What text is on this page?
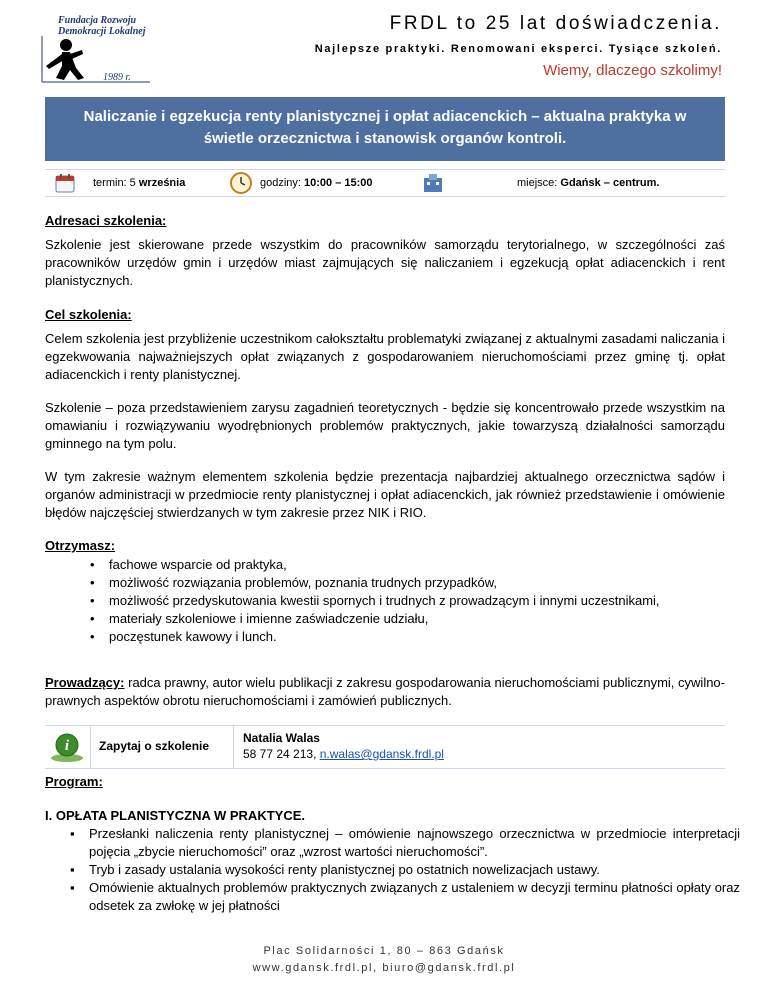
Fundacja Rozwoju
Demokracji Lokalnej
1989 r.
FRDL to 25 lat doświadczenia.
Najlepsze praktyki. Renomowani eksperci. Tysiące szkoleń.
Wiemy, dlaczego szkolimy!
Naliczanie i egzekucja renty planistycznej i opłat adiacenckich – aktualna praktyka w
świetle orzecznictwa i stanowisk organów kontroli.
termin: 5 września	godziny: 10:00 – 15:00	miejsce: Gdańsk – centrum.
Adresaci szkolenia:

Szkolenie jest skierowane przede wszystkim do pracowników samorządu terytorialnego, w szczególności zaś pracowników urzędów gmin i urzędów miast zajmujących się naliczaniem i egzekucją opłat adiacenckich i rent planistycznych.

Cel szkolenia:

Celem szkolenia jest przybliżenie uczestnikom całokształtu problematyki związanej z aktualnymi zasadami naliczania i egzekwowania najważniejszych opłat związanych z gospodarowaniem nieruchomościami przez gminę tj. opłat adiacenckich i renty planistycznej.

Szkolenie – poza przedstawieniem zarysu zagadnień teoretycznych - będzie się koncentrowało przede wszystkim na omawianiu i rozwiązywaniu wyodrębnionych problemów praktycznych, jakie towarzyszą działalności samorządu gminnego na tym polu.

W tym zakresie ważnym elementem szkolenia będzie prezentacja najbardziej aktualnego orzecznictwa sądów i organów administracji w przedmiocie renty planistycznej i opłat adiacenckich, jak również przedstawienie i omówienie błędów najczęściej stwierdzanych w tym zakresie przez NIK i RIO.

Otrzymasz:
• fachowe wsparcie od praktyka,
• możliwość rozwiązania problemów, poznania trudnych przypadków,
• możliwość przedyskutowania kwestii spornych i trudnych z prowadzącym i innymi uczestnikami,
• materiały szkoleniowe i imienne zaświadczenie udziału,
• poczęstunek kawowy i lunch.

Prowadzący: radca prawny, autor wielu publikacji z zakresu gospodarowania nieruchomościami publicznymi, cywilno-prawnych aspektów obrotu nieruchomościami i zamówień publicznych.

i Zapytaj o szkolenie
Natalia Walas
58 77 24 213, n.walas@gdansk.frdl.pl
Program:
I. OPŁATA PLANISTYCZNA W PRAKTYCE.
▪ Przesłanki naliczenia renty planistycznej – omówienie najnowszego orzecznictwa w przedmiocie interpretacji pojęcia „zbycie nieruchomości” oraz „wzrost wartości nieruchomości”.
▪ Tryb i zasady ustalania wysokości renty planistycznej po ostatnich nowelizacjach ustawy.
▪ Omówienie aktualnych problemów praktycznych związanych z ustaleniem w decyzji terminu płatności opłaty oraz odsetek za zwłokę w jej płatności
Plac Solidarności 1, 80 – 863 Gdańsk
www.gdansk.frdl.pl, biuro@gdansk.frdl.pl
